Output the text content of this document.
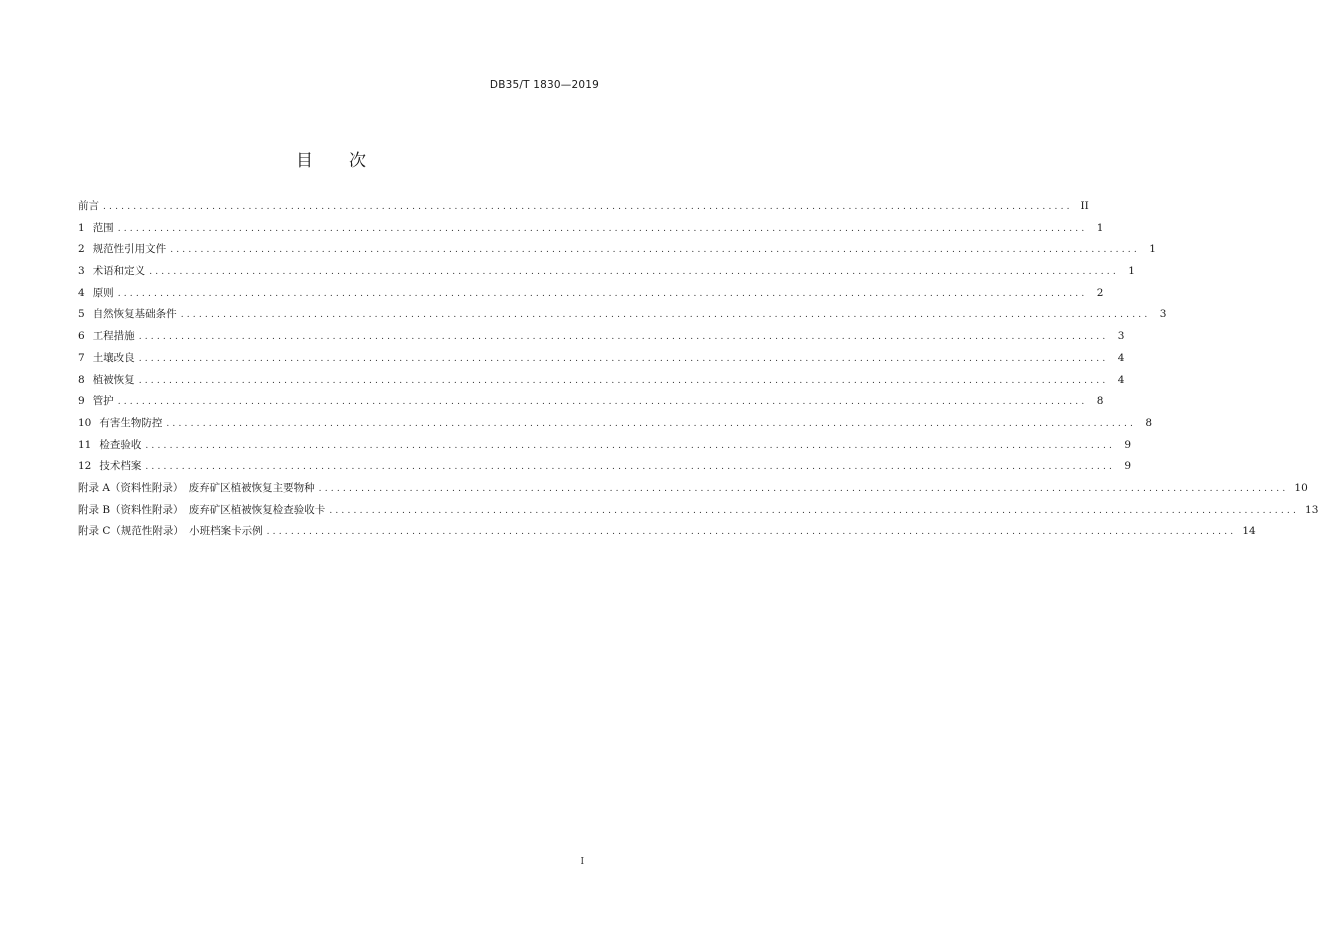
DB35/T 1830—2019
目 次
前言 ................................................................................................................................................................ II
1 范围 ................................................................................................................................................................ 1
2 规范性引用文件 ................................................................................................................................................................ 1
3 术语和定义 ................................................................................................................................................................ 1
4 原则 ................................................................................................................................................................ 2
5 自然恢复基础条件 ................................................................................................................................................................ 3
6 工程措施 ................................................................................................................................................................ 3
7 土壤改良 ................................................................................................................................................................ 4
8 植被恢复 ................................................................................................................................................................ 4
9 管护 ................................................................................................................................................................ 8
10 有害生物防控 ................................................................................................................................................................ 8
11 检查验收 ................................................................................................................................................................ 9
12 技术档案 ................................................................................................................................................................ 9
附录 A（资料性附录）　废弃矿区植被恢复主要物种 ................................................................................................................................................................ 10
附录 B（资料性附录）　废弃矿区植被恢复检查验收卡 ................................................................................................................................................................ 13
附录 C（规范性附录）　小班档案卡示例 ................................................................................................................................................................ 14
I
